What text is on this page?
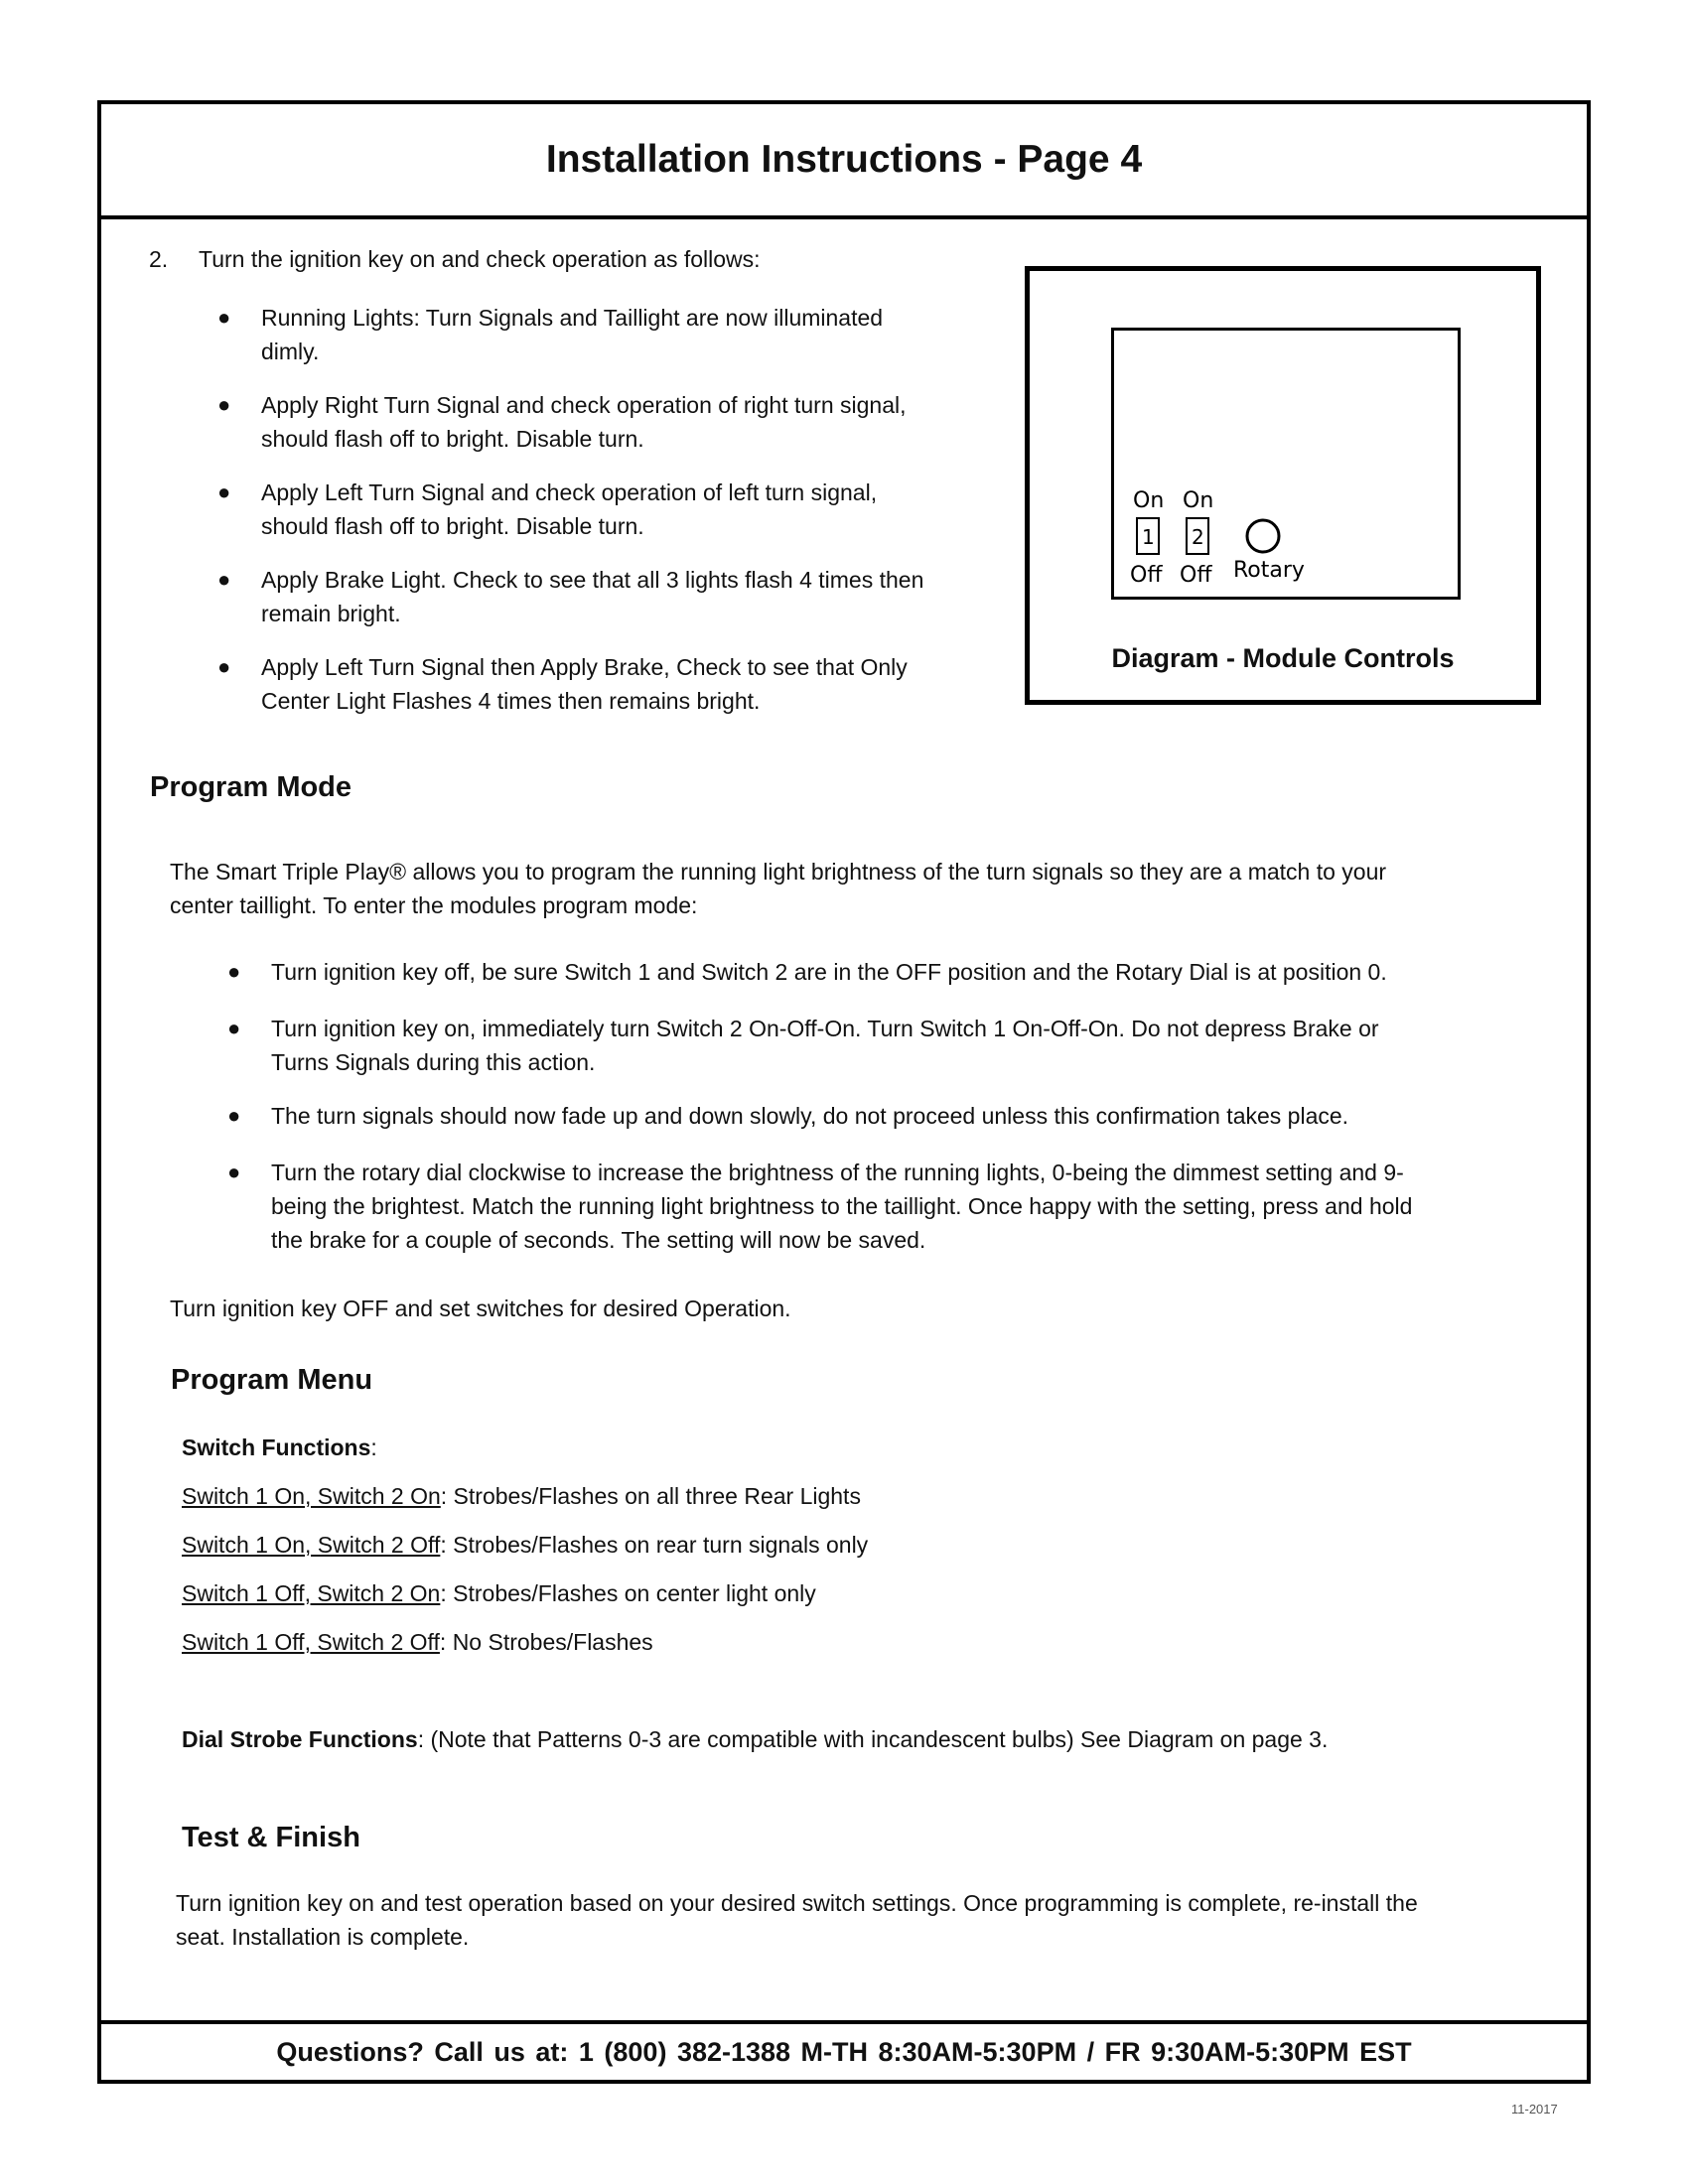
Installation Instructions - Page 4
Questions? Call us at: 1 (800) 382-1388 M-TH 8:30AM-5:30PM / FR 9:30AM-5:30PM EST
2. Turn the ignition key on and check operation as follows:
● Running Lights: Turn Signals and Taillight are now illuminated
dimly.
● Apply Right Turn Signal and check operation of right turn signal,
should flash off to bright. Disable turn.
● Apply Left Turn Signal and check operation of left turn signal,
should flash off to bright. Disable turn.
● Apply Brake Light. Check to see that all 3 lights flash 4 times then
remain bright.
● Apply Left Turn Signal then Apply Brake, Check to see that Only
Center Light Flashes 4 times then remains bright.
On On
1 2
Off Off Rotary
Diagram - Module Controls
Program Mode
The Smart Triple Play® allows you to program the running light brightness of the turn signals so they are a match to your
center taillight. To enter the modules program mode:
● Turn ignition key off, be sure Switch 1 and Switch 2 are in the OFF position and the Rotary Dial is at position 0.
● Turn ignition key on, immediately turn Switch 2 On-Off-On. Turn Switch 1 On-Off-On. Do not depress Brake or
Turns Signals during this action.
● The turn signals should now fade up and down slowly, do not proceed unless this confirmation takes place.
● Turn the rotary dial clockwise to increase the brightness of the running lights, 0-being the dimmest setting and 9-
being the brightest. Match the running light brightness to the taillight. Once happy with the setting, press and hold
the brake for a couple of seconds. The setting will now be saved.
Turn ignition key OFF and set switches for desired Operation.
Program Menu
Switch Functions:
Switch 1 On, Switch 2 On: Strobes/Flashes on all three Rear Lights
Switch 1 On, Switch 2 Off: Strobes/Flashes on rear turn signals only
Switch 1 Off, Switch 2 On: Strobes/Flashes on center light only
Switch 1 Off, Switch 2 Off: No Strobes/Flashes
Dial Strobe Functions: (Note that Patterns 0-3 are compatible with incandescent bulbs) See Diagram on page 3.
Test & Finish
Turn ignition key on and test operation based on your desired switch settings. Once programming is complete, re-install the
seat. Installation is complete.
11-2017
